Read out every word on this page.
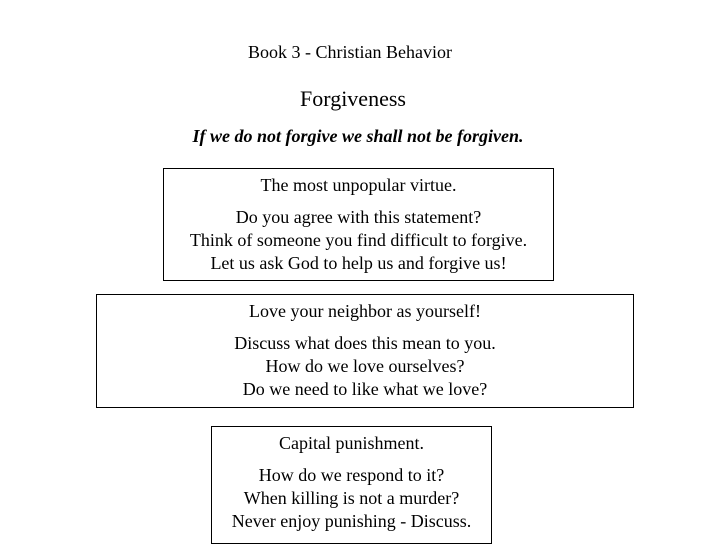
Book 3 - Christian Behavior
Forgiveness
If we do not forgive we shall not be forgiven.
The most unpopular virtue.
Do you agree with this statement?
Think of someone you find difficult to forgive.
Let us ask God to help us and forgive us!
Love your neighbor as yourself!
Discuss what does this mean to you.
How do we love ourselves?
Do we need to like what we love?
Capital punishment.
How do we respond to it?
When killing is not a murder?
Never enjoy punishing - Discuss.
